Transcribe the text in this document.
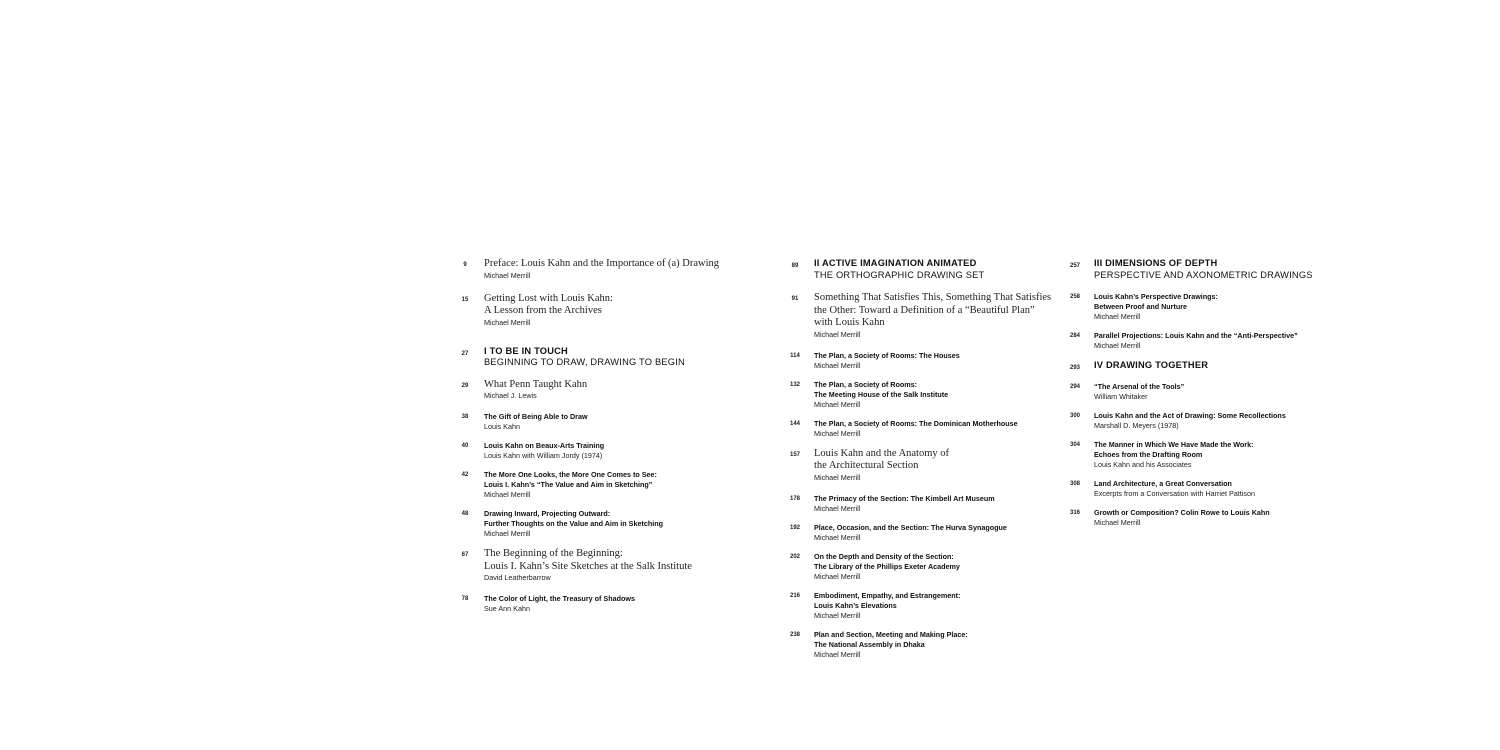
9	Preface: Louis Kahn and the Importance of (a) Drawing
Michael Merrill
15	Getting Lost with Louis Kahn:
A Lesson from the Archives
Michael Merrill
27	I TO BE IN TOUCH
BEGINNING TO DRAW, DRAWING TO BEGIN
29	What Penn Taught Kahn
Michael J. Lewis
38	The Gift of Being Able to Draw
Louis Kahn
40	Louis Kahn on Beaux-Arts Training
Louis Kahn with William Jordy (1974)
42	The More One Looks, the More One Comes to See:
Louis I. Kahn’s “The Value and Aim in Sketching”
Michael Merrill
48	Drawing Inward, Projecting Outward:
Further Thoughts on the Value and Aim in Sketching
Michael Merrill
67	The Beginning of the Beginning:
Louis I. Kahn’s Site Sketches at the Salk Institute
David Leatherbarrow
78	The Color of Light, the Treasury of Shadows
Sue Ann Kahn
89	II ACTIVE IMAGINATION ANIMATED
THE ORTHOGRAPHIC DRAWING SET
91	Something That Satisfies This, Something That Satisfies
the Other: Toward a Definition of a “Beautiful Plan”
with Louis Kahn
Michael Merrill
114	The Plan, a Society of Rooms: The Houses
Michael Merrill
132	The Plan, a Society of Rooms:
The Meeting House of the Salk Institute
Michael Merrill
144	The Plan, a Society of Rooms: The Dominican Motherhouse
Michael Merrill
157	Louis Kahn and the Anatomy of
the Architectural Section
Michael Merrill
178	The Primacy of the Section: The Kimbell Art Museum
Michael Merrill
192	Place, Occasion, and the Section: The Hurva Synagogue
Michael Merrill
202	On the Depth and Density of the Section:
The Library of the Phillips Exeter Academy
Michael Merrill
216	Embodiment, Empathy, and Estrangement:
Louis Kahn’s Elevations
Michael Merrill
238	Plan and Section, Meeting and Making Place:
The National Assembly in Dhaka
Michael Merrill
257	III DIMENSIONS OF DEPTH
PERSPECTIVE AND AXONOMETRIC DRAWINGS
258	Louis Kahn’s Perspective Drawings:
Between Proof and Nurture
Michael Merrill
284	Parallel Projections: Louis Kahn and the “Anti-Perspective”
Michael Merrill
293	IV DRAWING TOGETHER
294	“The Arsenal of the Tools”
William Whitaker
300	Louis Kahn and the Act of Drawing: Some Recollections
Marshall D. Meyers (1978)
304	The Manner in Which We Have Made the Work:
Echoes from the Drafting Room
Louis Kahn and his Associates
308	Land Architecture, a Great Conversation
Excerpts from a Conversation with Harriet Pattison
316	Growth or Composition? Colin Rowe to Louis Kahn
Michael Merrill
